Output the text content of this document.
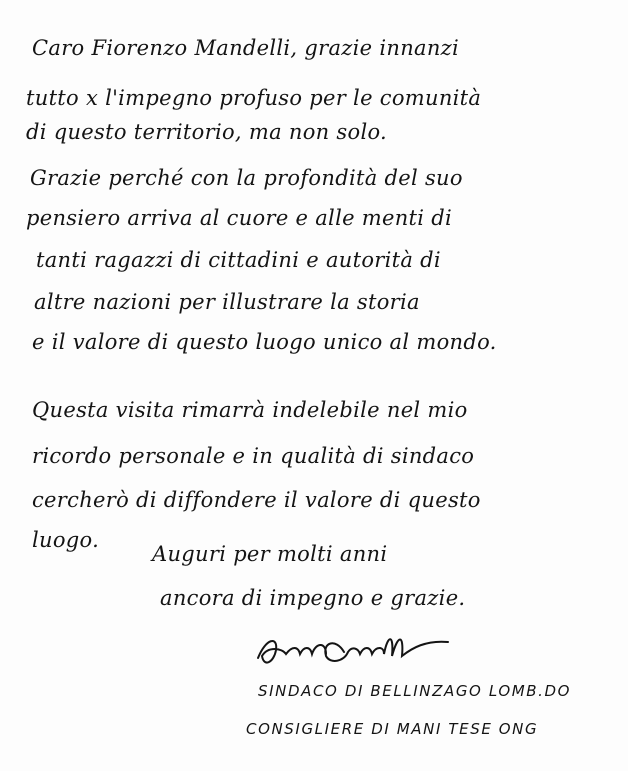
Caro Fiorenzo Mandelli, grazie innanzi
tutto x l'impegno profuso per le comunità
di questo territorio, ma non solo.
Grazie perché con la profondità del suo
pensiero arriva al cuore e alle menti di
tanti ragazzi di cittadini e autorità di
altre nazioni per illustrare la storia
e il valore di questo luogo unico al mondo.
Questa visita rimarrà indelebile nel mio
ricordo personale e in qualità di sindaco
cercherò di diffondere il valore di questo
luogo.
Auguri per molti anni
ancora di impegno e grazie.
SINDACO DI BELLINZAGO LOMB.DO
CONSIGLIERE DI MANI TESE ONG
